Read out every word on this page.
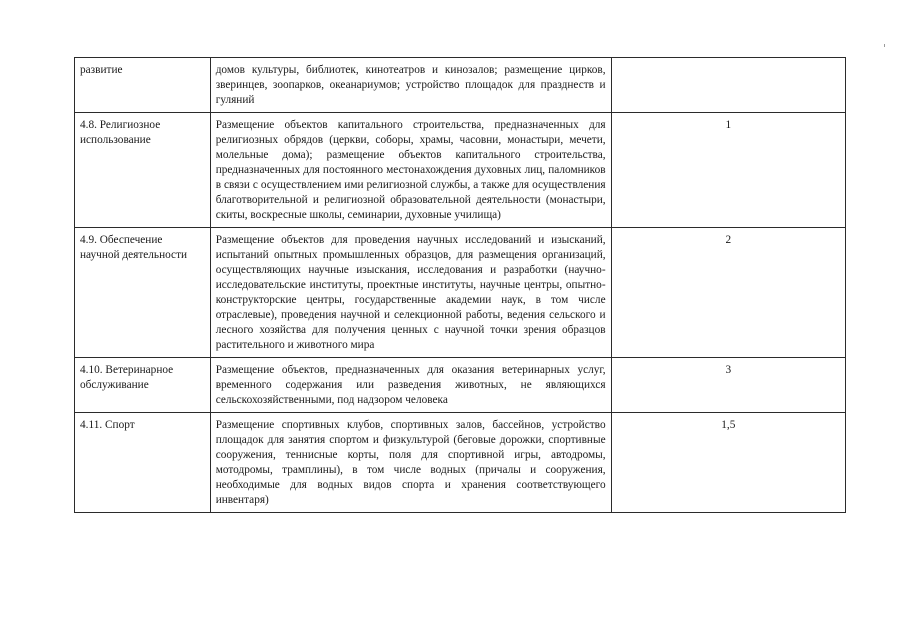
развитие	домов культуры, библиотек, кинотеатров и кинозалов; размещение цирков, зверинцев, зоопарков, океанариумов; устройство площадок для празднеств и гуляний	
4.8. Религиозное использование	Размещение объектов капитального строительства, предназначенных для религиозных обрядов (церкви, соборы, храмы, часовни, монастыри, мечети, молельные дома); размещение объектов капитального строительства, предназначенных для постоянного местонахождения духовных лиц, паломников в связи с осуществлением ими религиозной службы, а также для осуществления благотворительной и религиозной образовательной деятельности (монастыри, скиты, воскресные школы, семинарии, духовные училища)	1
4.9. Обеспечение научной деятельности	Размещение объектов для проведения научных исследований и изысканий, испытаний опытных промышленных образцов, для размещения организаций, осуществляющих научные изыскания, исследования и разработки (научно-исследовательские институты, проектные институты, научные центры, опытно-конструкторские центры, государственные академии наук, в том числе отраслевые), проведения научной и селекционной работы, ведения сельского и лесного хозяйства для получения ценных с научной точки зрения образцов растительного и животного мира	2
4.10. Ветеринарное обслуживание	Размещение объектов, предназначенных для оказания ветеринарных услуг, временного содержания или разведения животных, не являющихся сельскохозяйственными, под надзором человека	3
4.11. Спорт	Размещение спортивных клубов, спортивных залов, бассейнов, устройство площадок для занятия спортом и физкультурой (беговые дорожки, спортивные сооружения, теннисные корты, поля для спортивной игры, автодромы, мотодромы, трамплины), в том числе водных (причалы и сооружения, необходимые для водных видов спорта и хранения соответствующего инвентаря)	1,5
